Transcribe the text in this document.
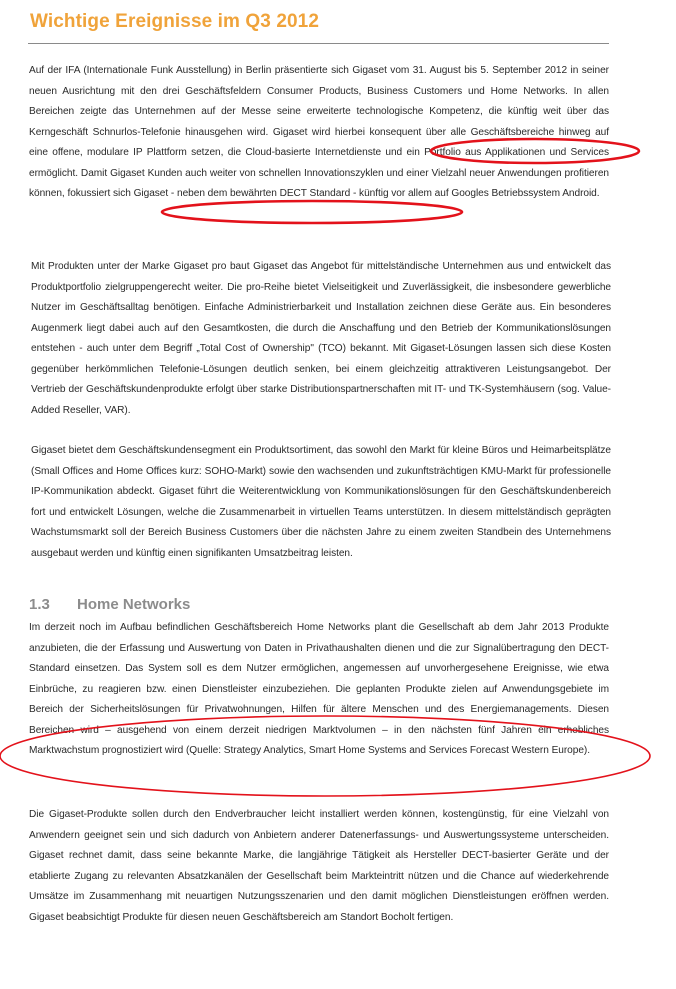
Wichtige Ereignisse im Q3 2012

Auf der IFA (Internationale Funk Ausstellung) in Berlin präsentierte sich Gigaset vom 31. August bis 5. September 2012 in seiner neuen Ausrichtung mit den drei Geschäftsfeldern Consumer Products, Business Customers und Home Networks. In allen Bereichen zeigte das Unternehmen auf der Messe seine erweiterte technologische Kompetenz, die künftig weit über das Kerngeschäft Schnurlos-Telefonie hinausgehen wird. Gigaset wird hierbei konsequent über alle Geschäftsbereiche hinweg auf eine offene, modulare IP Plattform setzen, die Cloud-basierte Internetdienste und ein Portfolio aus Applikationen und Services ermöglicht. Damit Gigaset Kunden auch weiter von schnellen Innovationszyklen und einer Vielzahl neuer Anwendungen profitieren können, fokussiert sich Gigaset - neben dem bewährten DECT Standard - künftig vor allem auf Googles Betriebssystem Android.

Mit Produkten unter der Marke Gigaset pro baut Gigaset das Angebot für mittelständische Unternehmen aus und entwickelt das Produktportfolio zielgruppengerecht weiter. Die pro-Reihe bietet Vielseitigkeit und Zuverlässigkeit, die insbesondere gewerbliche Nutzer im Geschäftsalltag benötigen. Einfache Administrierbarkeit und Installation zeichnen diese Geräte aus. Ein besonderes Augenmerk liegt dabei auch auf den Gesamtkosten, die durch die Anschaffung und den Betrieb der Kommunikationslösungen entstehen - auch unter dem Begriff „Total Cost of Ownership" (TCO) bekannt. Mit Gigaset-Lösungen lassen sich diese Kosten gegenüber herkömmlichen Telefonie-Lösungen deutlich senken, bei einem gleichzeitig attraktiveren Leistungsangebot. Der Vertrieb der Geschäftskundenprodukte erfolgt über starke Distributionspartnerschaften mit IT- und TK-Systemhäusern (sog. Value-Added Reseller, VAR).

Gigaset bietet dem Geschäftskundensegment ein Produktsortiment, das sowohl den Markt für kleine Büros und Heimarbeitsplätze (Small Offices and Home Offices kurz: SOHO-Markt) sowie den wachsenden und zukunftsträchtigen KMU-Markt für professionelle IP-Kommunikation abdeckt. Gigaset führt die Weiterentwicklung von Kommunikationslösungen für den Geschäftskundenbereich fort und entwickelt Lösungen, welche die Zusammenarbeit in virtuellen Teams unterstützen. In diesem mittelständisch geprägten Wachstumsmarkt soll der Bereich Business Customers über die nächsten Jahre zu einem zweiten Standbein des Unternehmens ausgebaut werden und künftig einen signifikanten Umsatzbeitrag leisten.

1.3 Home Networks

Im derzeit noch im Aufbau befindlichen Geschäftsbereich Home Networks plant die Gesellschaft ab dem Jahr 2013 Produkte anzubieten, die der Erfassung und Auswertung von Daten in Privathaushalten dienen und die zur Signalübertragung den DECT-Standard einsetzen. Das System soll es dem Nutzer ermöglichen, angemessen auf unvorhergesehene Ereignisse, wie etwa Einbrüche, zu reagieren bzw. einen Dienstleister einzubeziehen. Die geplanten Produkte zielen auf Anwendungsgebiete im Bereich der Sicherheitslösungen für Privatwohnungen, Hilfen für ältere Menschen und des Energiemanagements. Diesen Bereichen wird – ausgehend von einem derzeit niedrigen Marktvolumen – in den nächsten fünf Jahren ein erhebliches Marktwachstum prognostiziert wird (Quelle: Strategy Analytics, Smart Home Systems and Services Forecast Western Europe).

Die Gigaset-Produkte sollen durch den Endverbraucher leicht installiert werden können, kostengünstig, für eine Vielzahl von Anwendern geeignet sein und sich dadurch von Anbietern anderer Datenerfassungs- und Auswertungssysteme unterscheiden. Gigaset rechnet damit, dass seine bekannte Marke, die langjährige Tätigkeit als Hersteller DECT-basierter Geräte und der etablierte Zugang zu relevanten Absatzkanälen der Gesellschaft beim Markteintritt nützen und die Chance auf wiederkehrende Umsätze im Zusammenhang mit neuartigen Nutzungsszenarien und den damit möglichen Dienstleistungen eröffnen werden. Gigaset beabsichtigt Produkte für diesen neuen Geschäftsbereich am Standort Bocholt fertigen.
